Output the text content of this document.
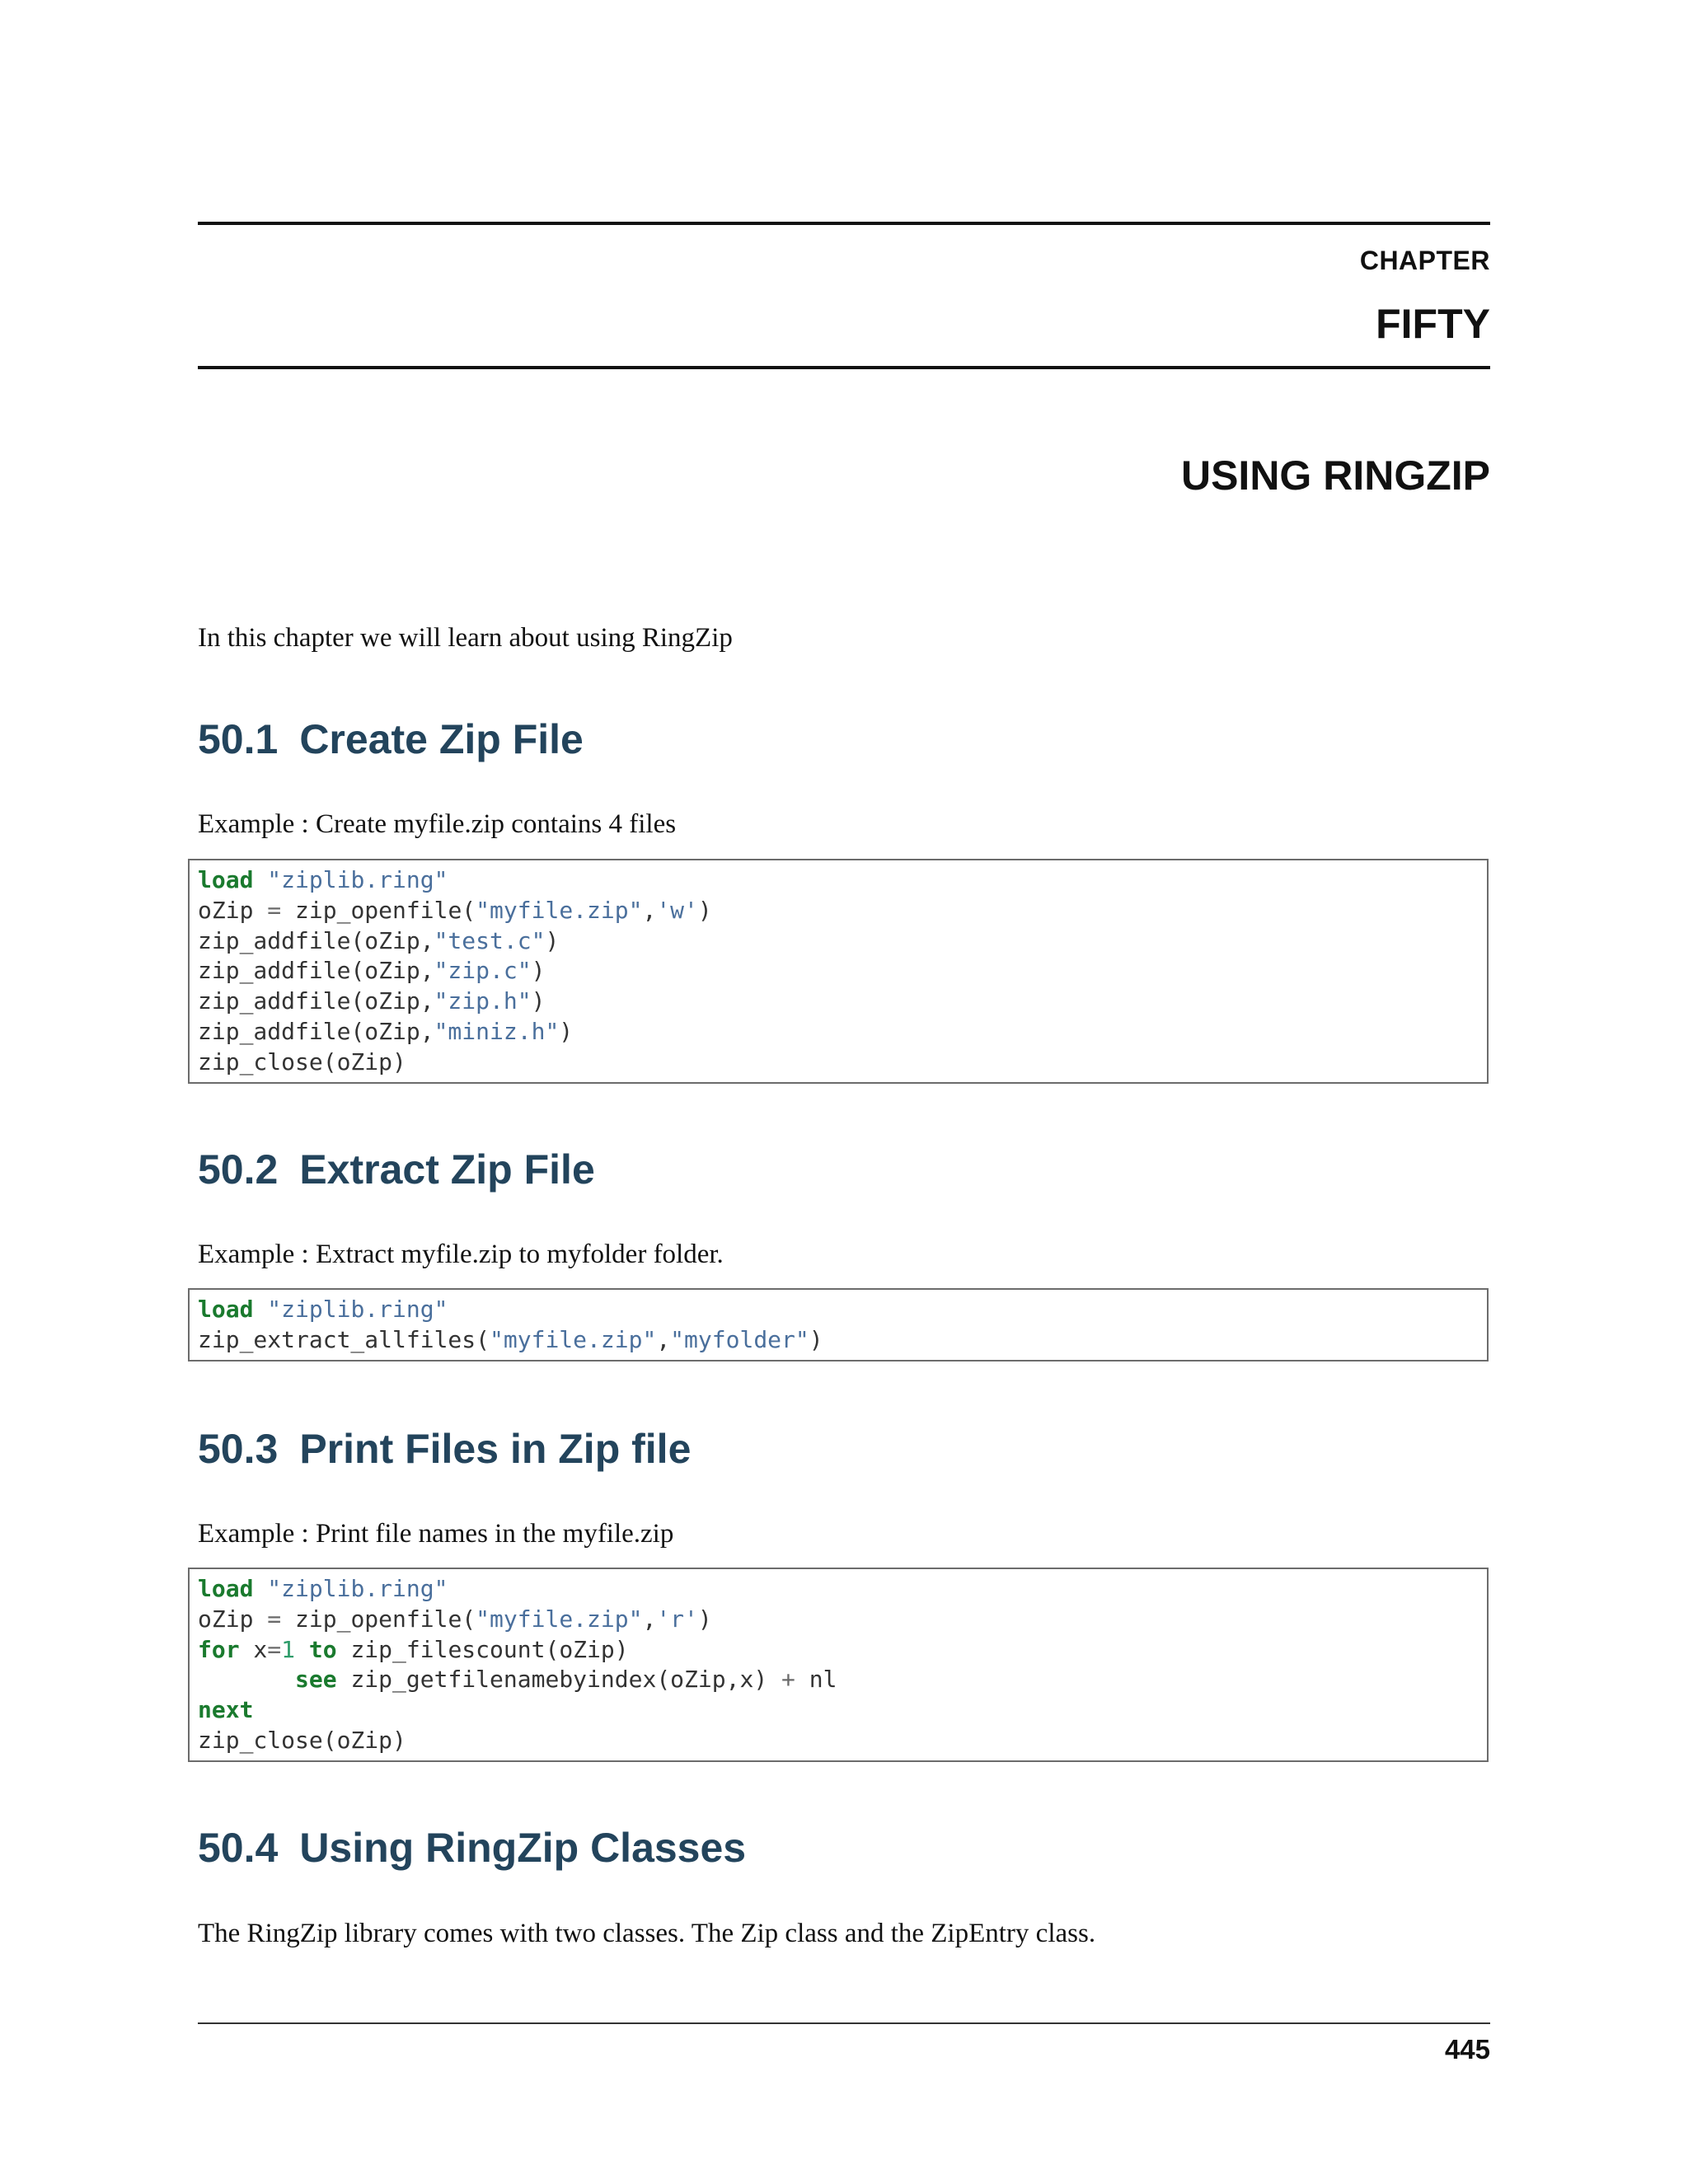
CHAPTER
FIFTY
USING RINGZIP
In this chapter we will learn about using RingZip
50.1 Create Zip File
Example : Create myfile.zip contains 4 files
load "ziplib.ring"
oZip = zip_openfile("myfile.zip",'w')
zip_addfile(oZip,"test.c")
zip_addfile(oZip,"zip.c")
zip_addfile(oZip,"zip.h")
zip_addfile(oZip,"miniz.h")
zip_close(oZip)
50.2 Extract Zip File
Example : Extract myfile.zip to myfolder folder.
load "ziplib.ring"
zip_extract_allfiles("myfile.zip","myfolder")
50.3 Print Files in Zip file
Example : Print file names in the myfile.zip
load "ziplib.ring"
oZip = zip_openfile("myfile.zip",'r')
for x=1 to zip_filescount(oZip)
see zip_getfilenamebyindex(oZip,x) + nl
next
zip_close(oZip)
50.4 Using RingZip Classes
The RingZip library comes with two classes. The Zip class and the ZipEntry class.
445
